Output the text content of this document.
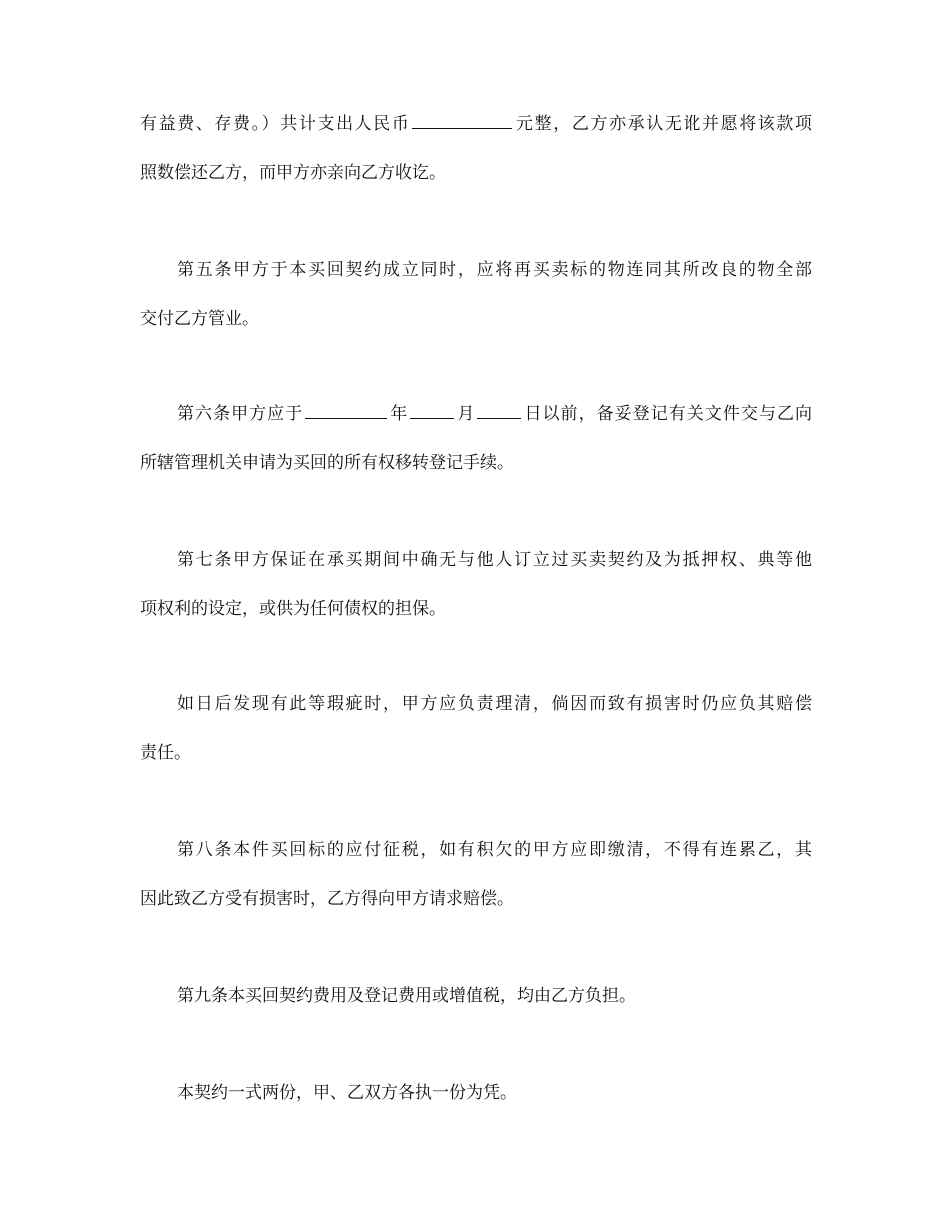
有益费、存费。）共计支出人民币	元整，乙方亦承认无讹并愿将该款项
照数偿还乙方，而甲方亦亲向乙方收讫。
第五条甲方于本买回契约成立同时，应将再买卖标的物连同其所改良的物全部
交付乙方管业。
第六条甲方应于	年	月	日以前，备妥登记有关文件交与乙向
所辖管理机关申请为买回的所有权移转登记手续。
第七条甲方保证在承买期间中确无与他人订立过买卖契约及为抵押权、典等他
项权利的设定，或供为任何债权的担保。
如日后发现有此等瑕疵时，甲方应负责理清，倘因而致有损害时仍应负其赔偿
责任。
第八条本件买回标的应付征税，如有积欠的甲方应即缴清，不得有连累乙，其
因此致乙方受有损害时，乙方得向甲方请求赔偿。
第九条本买回契约费用及登记费用或增值税，均由乙方负担。
本契约一式两份，甲、乙双方各执一份为凭。
